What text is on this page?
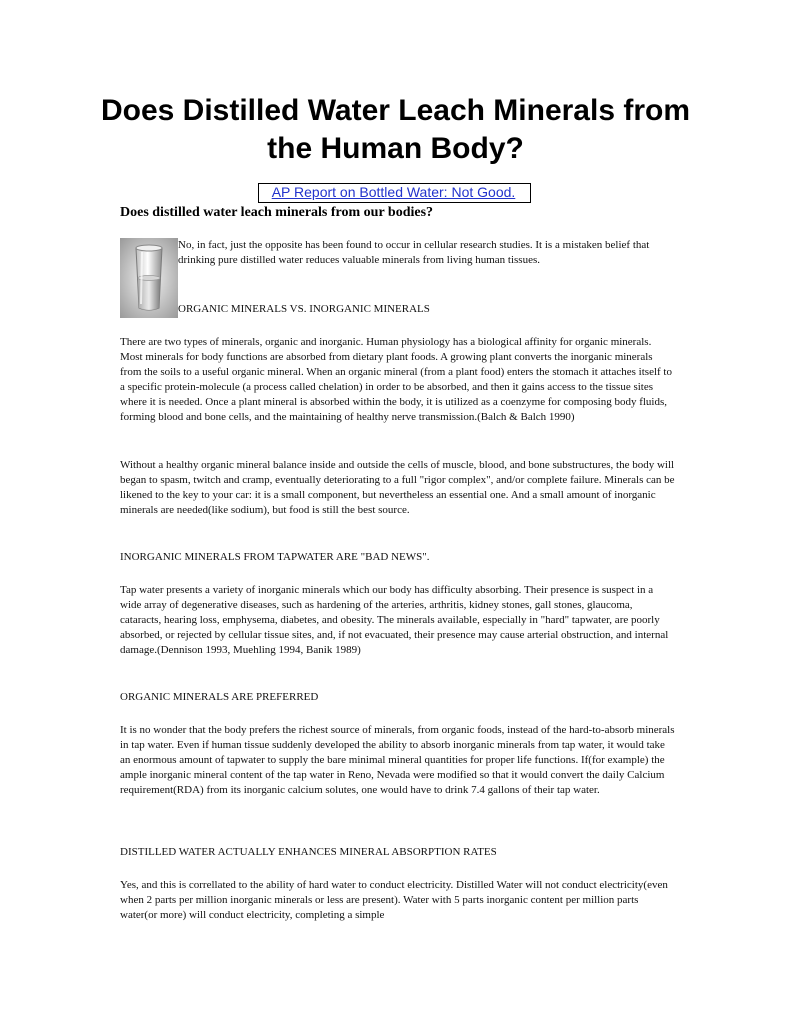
Does Distilled Water Leach Minerals from the Human Body?
AP Report on Bottled Water: Not Good.
Does distilled water leach minerals from our bodies?
No, in fact, just the opposite has been found to occur in cellular research studies. It is a mistaken belief that drinking pure distilled water reduces valuable minerals from living human tissues.
ORGANIC MINERALS VS. INORGANIC MINERALS

There are two types of minerals, organic and inorganic. Human physiology has a biological affinity for organic minerals. Most minerals for body functions are absorbed from dietary plant foods. A growing plant converts the inorganic minerals from the soils to a useful organic mineral. When an organic mineral (from a plant food) enters the stomach it attaches itself to a specific protein-molecule (a process called chelation) in order to be absorbed, and then it gains access to the tissue sites where it is needed. Once a plant mineral is absorbed within the body, it is utilized as a coenzyme for composing body fluids, forming blood and bone cells, and the maintaining of healthy nerve transmission.(Balch & Balch 1990)

Without a healthy organic mineral balance inside and outside the cells of muscle, blood, and bone substructures, the body will began to spasm, twitch and cramp, eventually deteriorating to a full "rigor complex", and/or complete failure. Minerals can be likened to the key to your car: it is a small component, but nevertheless an essential one. And a small amount of inorganic minerals are needed(like sodium), but food is still the best source.

INORGANIC MINERALS FROM TAPWATER ARE "BAD NEWS".

Tap water presents a variety of inorganic minerals which our body has difficulty absorbing. Their presence is suspect in a wide array of degenerative diseases, such as hardening of the arteries, arthritis, kidney stones, gall stones, glaucoma, cataracts, hearing loss, emphysema, diabetes, and obesity. The minerals available, especially in "hard" tapwater, are poorly absorbed, or rejected by cellular tissue sites, and, if not evacuated, their presence may cause arterial obstruction, and internal damage.(Dennison 1993, Muehling 1994, Banik 1989)

ORGANIC MINERALS ARE PREFERRED

It is no wonder that the body prefers the richest source of minerals, from organic foods, instead of the hard-to-absorb minerals in tap water. Even if human tissue suddenly developed the ability to absorb inorganic minerals from tap water, it would take an enormous amount of tapwater to supply the bare minimal mineral quantities for proper life functions. If(for example) the ample inorganic mineral content of the tap water in Reno, Nevada were modified so that it would convert the daily Calcium requirement(RDA) from its inorganic calcium solutes, one would have to drink 7.4 gallons of their tap water.

DISTILLED WATER ACTUALLY ENHANCES MINERAL ABSORPTION RATES

Yes, and this is correllated to the ability of hard water to conduct electricity. Distilled Water will not conduct electricity(even when 2 parts per million inorganic minerals or less are present). Water with 5 parts inorganic content per million parts water(or more) will conduct electricity, completing a simple
